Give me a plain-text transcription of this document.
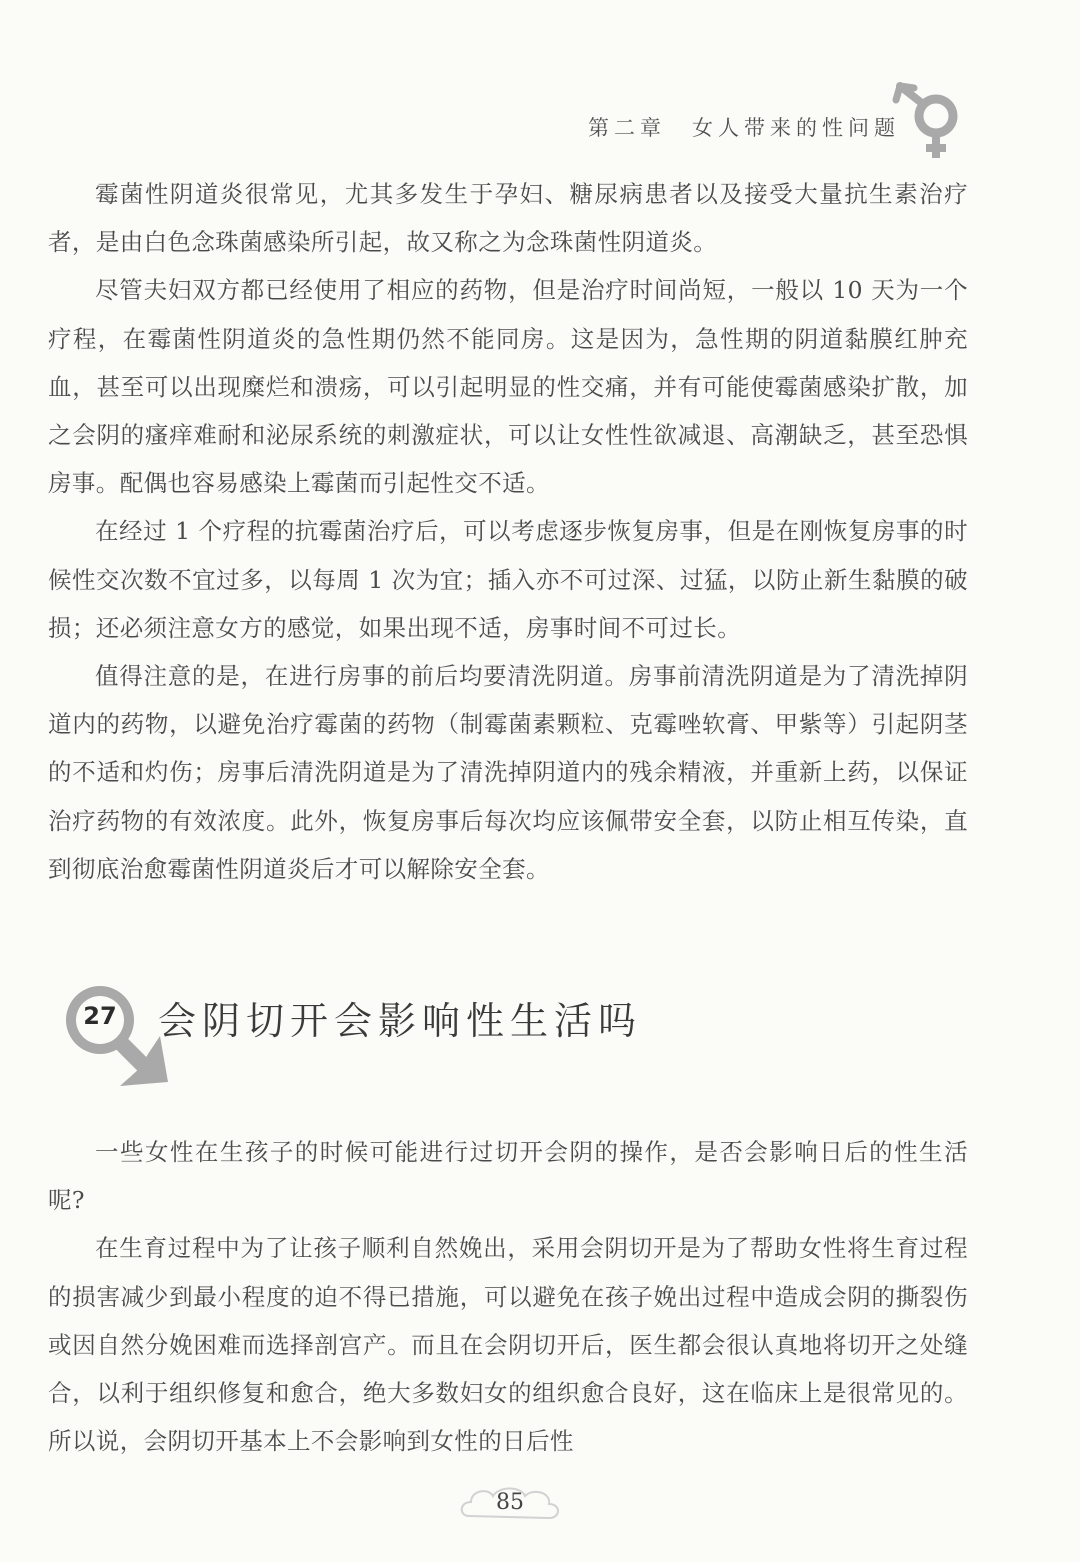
第二章 女人带来的性问题

霉菌性阴道炎很常见，尤其多发生于孕妇、糖尿病患者以及接受大量抗生素治疗者，是由白色念珠菌感染所引起，故又称之为念珠菌性阴道炎。

尽管夫妇双方都已经使用了相应的药物，但是治疗时间尚短，一般以 10 天为一个疗程，在霉菌性阴道炎的急性期仍然不能同房。这是因为，急性期的阴道黏膜红肿充血，甚至可以出现糜烂和溃疡，可以引起明显的性交痛，并有可能使霉菌感染扩散，加之会阴的瘙痒难耐和泌尿系统的刺激症状，可以让女性性欲减退、高潮缺乏，甚至恐惧房事。配偶也容易感染上霉菌而引起性交不适。

在经过 1 个疗程的抗霉菌治疗后，可以考虑逐步恢复房事，但是在刚恢复房事的时候性交次数不宜过多，以每周 1 次为宜；插入亦不可过深、过猛，以防止新生黏膜的破损；还必须注意女方的感觉，如果出现不适，房事时间不可过长。

值得注意的是，在进行房事的前后均要清洗阴道。房事前清洗阴道是为了清洗掉阴道内的药物，以避免治疗霉菌的药物（制霉菌素颗粒、克霉唑软膏、甲紫等）引起阴茎的不适和灼伤；房事后清洗阴道是为了清洗掉阴道内的残余精液，并重新上药，以保证治疗药物的有效浓度。此外，恢复房事后每次均应该佩带安全套，以防止相互传染，直到彻底治愈霉菌性阴道炎后才可以解除安全套。

27 会阴切开会影响性生活吗

一些女性在生孩子的时候可能进行过切开会阴的操作，是否会影响日后的性生活呢?

在生育过程中为了让孩子顺利自然娩出，采用会阴切开是为了帮助女性将生育过程的损害减少到最小程度的迫不得已措施，可以避免在孩子娩出过程中造成会阴的撕裂伤或因自然分娩困难而选择剖宫产。而且在会阴切开后，医生都会很认真地将切开之处缝合，以利于组织修复和愈合，绝大多数妇女的组织愈合良好，这在临床上是很常见的。所以说，会阴切开基本上不会影响到女性的日后性

85
